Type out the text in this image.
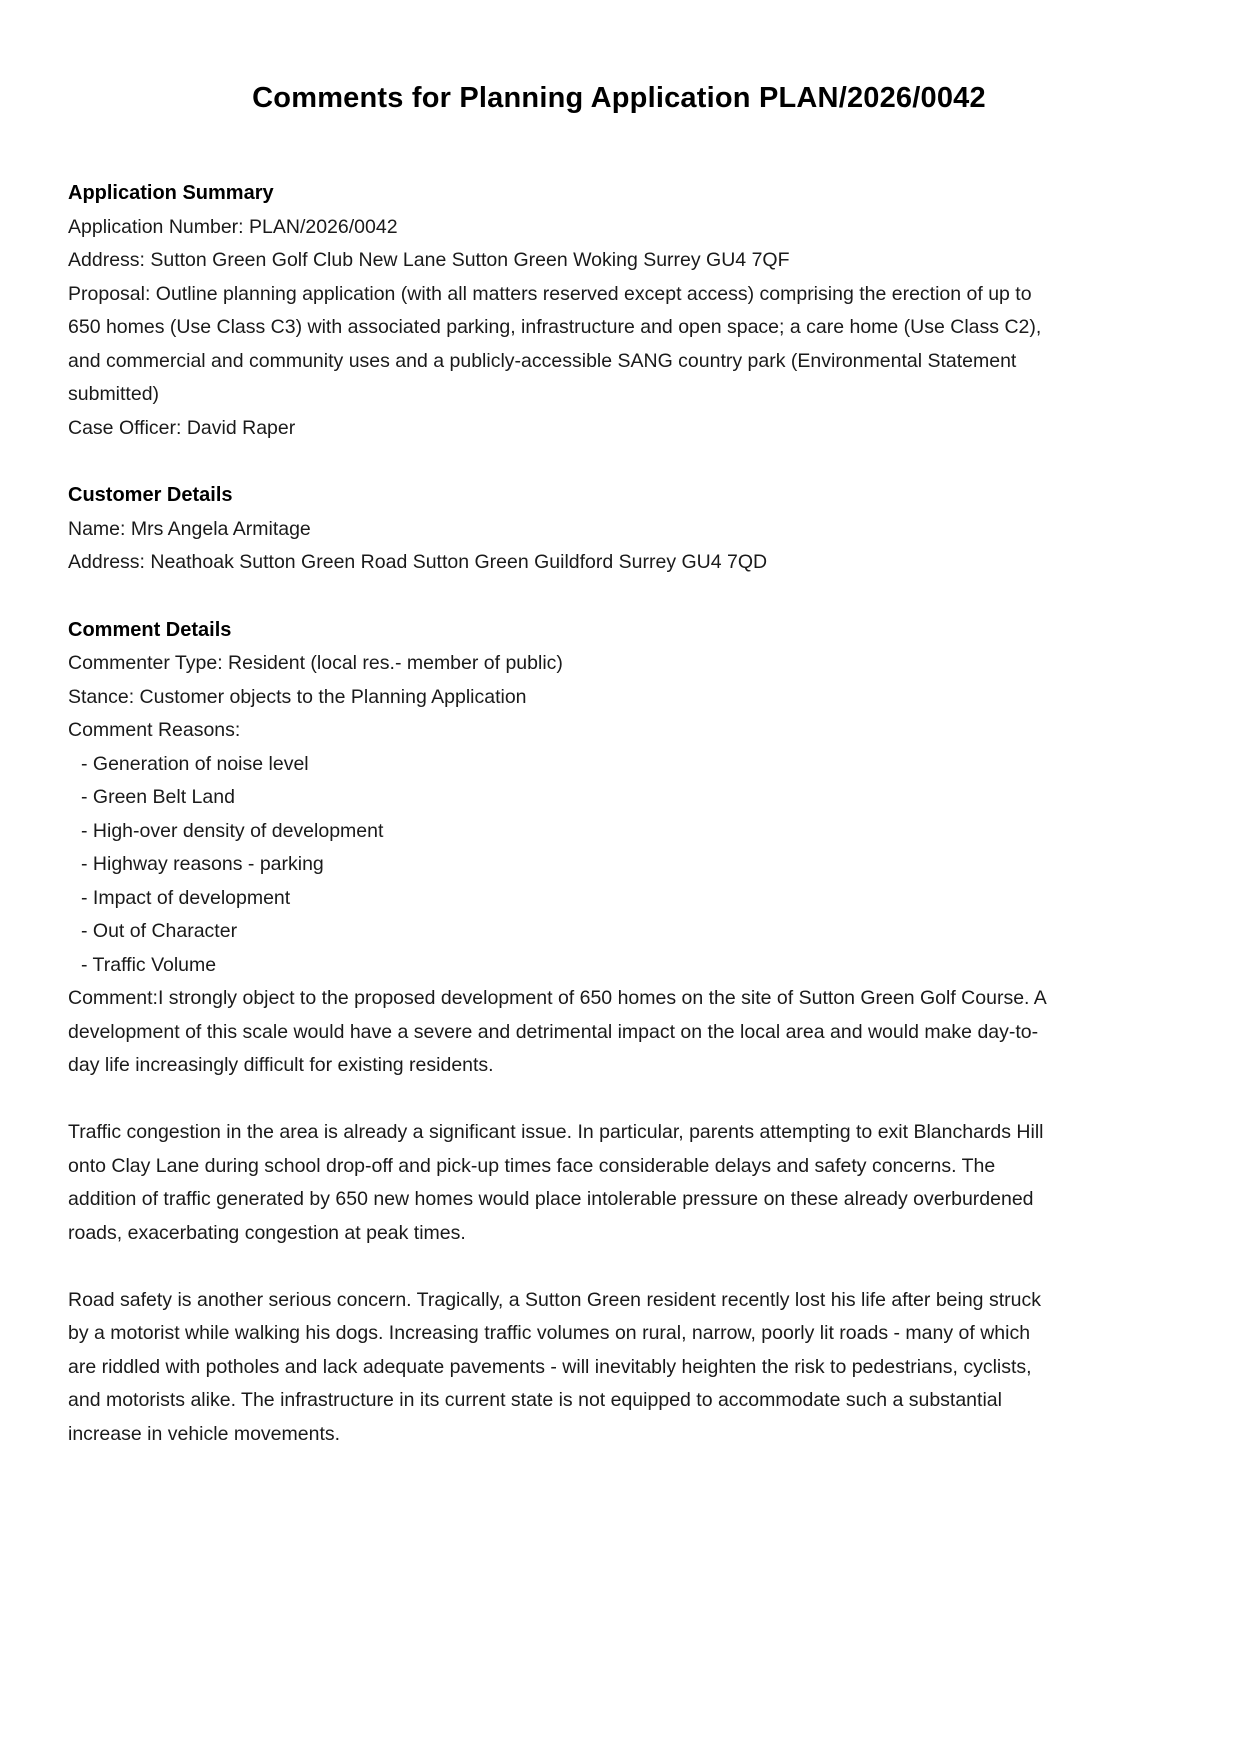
Comments for Planning Application PLAN/2026/0042
Application Summary
Application Number: PLAN/2026/0042
Address: Sutton Green Golf Club New Lane Sutton Green Woking Surrey GU4 7QF
Proposal: Outline planning application (with all matters reserved except access) comprising the erection of up to 650 homes (Use Class C3) with associated parking, infrastructure and open space; a care home (Use Class C2), and commercial and community uses and a publicly-accessible SANG country park (Environmental Statement submitted)
Case Officer: David Raper
Customer Details
Name: Mrs Angela Armitage
Address: Neathoak Sutton Green Road Sutton Green Guildford Surrey GU4 7QD
Comment Details
Commenter Type: Resident (local res.- member of public)
Stance: Customer objects to the Planning Application
Comment Reasons:
- Generation of noise level
- Green Belt Land
- High-over density of development
- Highway reasons - parking
- Impact of development
- Out of Character
- Traffic Volume
Comment:I strongly object to the proposed development of 650 homes on the site of Sutton Green Golf Course. A development of this scale would have a severe and detrimental impact on the local area and would make day-to-day life increasingly difficult for existing residents.
Traffic congestion in the area is already a significant issue. In particular, parents attempting to exit Blanchards Hill onto Clay Lane during school drop-off and pick-up times face considerable delays and safety concerns. The addition of traffic generated by 650 new homes would place intolerable pressure on these already overburdened roads, exacerbating congestion at peak times.
Road safety is another serious concern. Tragically, a Sutton Green resident recently lost his life after being struck by a motorist while walking his dogs. Increasing traffic volumes on rural, narrow, poorly lit roads - many of which are riddled with potholes and lack adequate pavements - will inevitably heighten the risk to pedestrians, cyclists, and motorists alike. The infrastructure in its current state is not equipped to accommodate such a substantial increase in vehicle movements.
